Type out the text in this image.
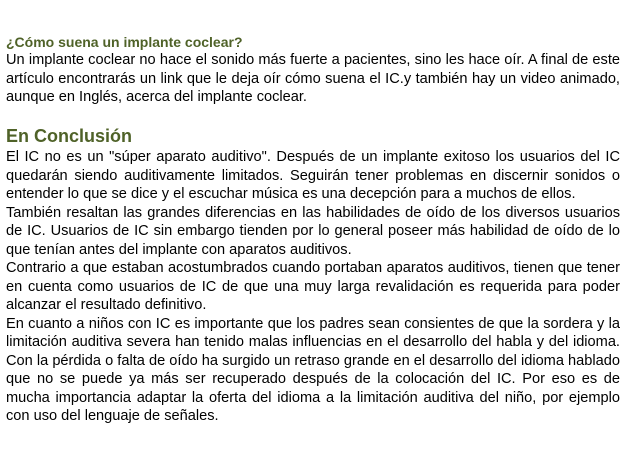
¿Cómo suena un implante coclear?

Un implante coclear no hace el sonido más fuerte a pacientes, sino les hace oír. A final de este artículo encontrarás un link que le deja oír cómo suena el IC.y también hay un video animado, aunque en Inglés, acerca del implante coclear.

En Conclusión

El IC no es un "súper aparato auditivo". Después de un implante exitoso los usuarios del IC quedarán siendo auditivamente limitados. Seguirán tener problemas en discernir sonidos o entender lo que se dice y el escuchar música es una decepción para a muchos de ellos.

También resaltan las grandes diferencias en las habilidades de oído de los diversos usuarios de IC. Usuarios de IC sin embargo tienden por lo general poseer más habilidad de oído de lo que tenían antes del implante con aparatos auditivos.

Contrario a que estaban acostumbrados cuando portaban aparatos auditivos, tienen que tener en cuenta como usuarios de IC de que una muy larga revalidación es requerida para poder alcanzar el resultado definitivo.

En cuanto a niños con IC es importante que los padres sean consientes de que la sordera y la limitación auditiva severa han tenido malas influencias en el desarrollo del habla y del idioma. Con la pérdida o falta de oído ha surgido un retraso grande en el desarrollo del idioma hablado que no se puede ya más ser recuperado después de la colocación del IC. Por eso es de mucha importancia adaptar la oferta del idioma a la limitación auditiva del niño, por ejemplo con uso del lenguaje de señales.
